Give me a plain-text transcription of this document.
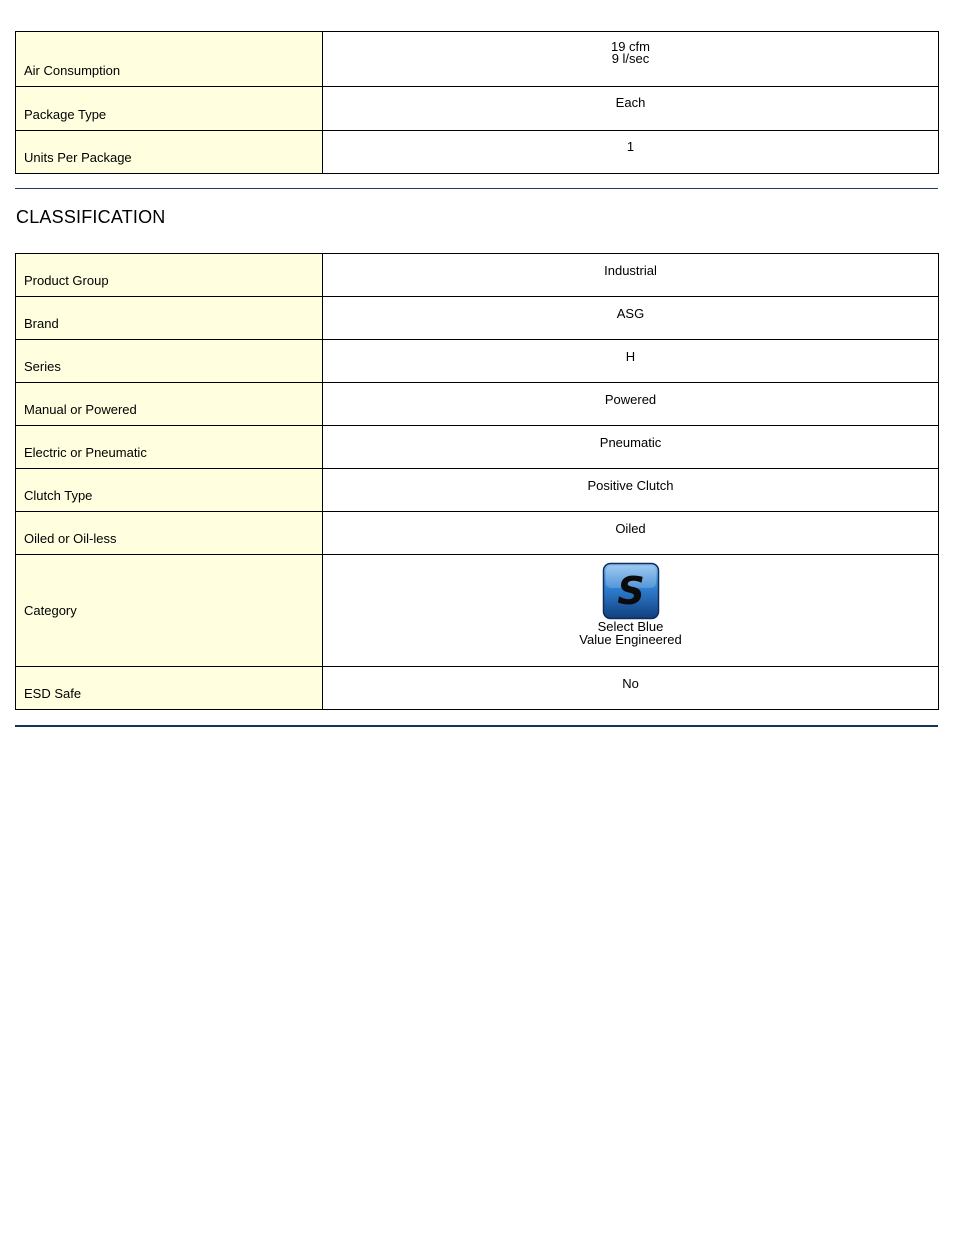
Air Consumption	19 cfm
9 l/sec

Package Type	Each

Units Per Package	1
CLASSIFICATION
Product Group	Industrial
Brand	ASG
Series	H
Manual or Powered	Powered
Electric or Pneumatic	Pneumatic
Clutch Type	Positive Clutch
Oiled or Oil-less	Oiled
Category	S
Select Blue
Value Engineered

ESD Safe	No
